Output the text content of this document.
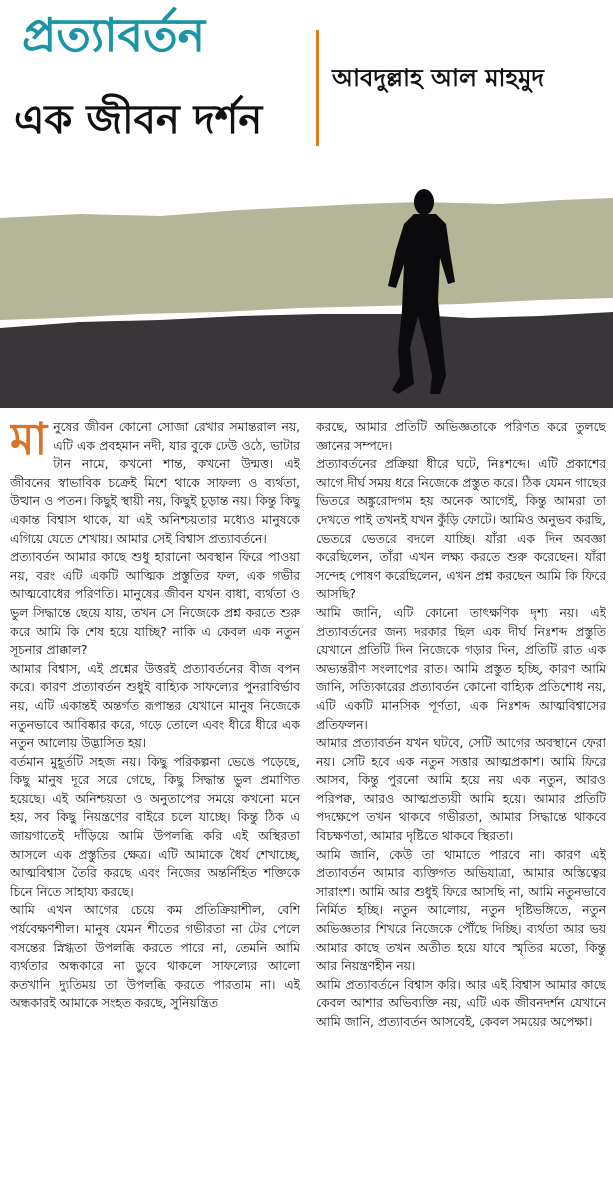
প্রত্যাবর্তন
এক জীবন দর্শন
আবদুল্লাহ আল মাহমুদ

মানুষের জীবন কোনো সোজা রেখার সমান্তরাল নয়, এটি এক প্রবহমান নদী, যার বুকে ঢেউ ওঠে, ভাটার টান নামে, কখনো শান্ত, কখনো উন্মত্ত। এই জীবনের স্বাভাবিক চক্রেই মিশে থাকে সাফল্য ও ব্যর্থতা, উত্থান ও পতন। কিছুই স্থায়ী নয়, কিছুই চূড়ান্ত নয়। কিন্তু কিছু একান্ত বিশ্বাস থাকে, যা এই অনিশ্চয়তার মধ্যেও মানুষকে এগিয়ে যেতে শেখায়। আমার সেই বিশ্বাস প্রত্যাবর্তনে।

প্রত্যাবর্তন আমার কাছে শুধু হারানো অবস্থান ফিরে পাওয়া নয়, বরং এটি একটি আত্মিক প্রস্তুতির ফল, এক গভীর আত্মবোধের পরিণতি। মানুষের জীবন যখন বাধা, ব্যর্থতা ও ভুল সিদ্ধান্তে ছেয়ে যায়, তখন সে নিজেকে প্রশ্ন করতে শুরু করে আমি কি শেষ হয়ে যাচ্ছি? নাকি এ কেবল এক নতুন সূচনার প্রাক্কাল?

আমার বিশ্বাস, এই প্রশ্নের উত্তরই প্রত্যাবর্তনের বীজ বপন করে। কারণ প্রত্যাবর্তন শুধুই বাহ্যিক সাফল্যের পুনরাবির্ভাব নয়, এটি একান্তই অন্তর্গত রূপান্তর যেখানে মানুষ নিজেকে নতুনভাবে আবিষ্কার করে, গড়ে তোলে এবং ধীরে ধীরে এক নতুন আলোয় উদ্ভাসিত হয়।

বর্তমান মুহূর্তটি সহজ নয়। কিছু পরিকল্পনা ভেঙে পড়েছে, কিছু মানুষ দূরে সরে গেছে, কিছু সিদ্ধান্ত ভুল প্রমাণিত হয়েছে। এই অনিশ্চয়তা ও অনুতাপের সময়ে কখনো মনে হয়, সব কিছু নিয়ন্ত্রণের বাইরে চলে যাচ্ছে। কিন্তু ঠিক এ জায়গাতেই দাঁড়িয়ে আমি উপলব্ধি করি এই অস্থিরতা আসলে এক প্রস্তুতির ক্ষেত্র। এটি আমাকে ধৈর্য শেখাচ্ছে, আত্মবিশ্বাস তৈরি করছে এবং নিজের অন্তর্নিহিত শক্তিকে চিনে নিতে সাহায্য করছে।

আমি এখন আগের চেয়ে কম প্রতিক্রিয়াশীল, বেশি পর্যবেক্ষণশীল। মানুষ যেমন শীতের গভীরতা না টের পেলে বসন্তের স্নিগ্ধতা উপলব্ধি করতে পারে না, তেমনি আমি ব্যর্থতার অন্ধকারে না ডুবে থাকলে সাফল্যের আলো কতখানি দ্যুতিময় তা উপলব্ধি করতে পারতাম না। এই অন্ধকারই আমাকে সংহত করছে, সুনিয়ন্ত্রিত

করছে, আমার প্রতিটি অভিজ্ঞতাকে পরিণত করে তুলছে জ্ঞানের সম্পদে।

প্রত্যাবর্তনের প্রক্রিয়া ধীরে ঘটে, নিঃশব্দে। এটি প্রকাশের আগে দীর্ঘ সময় ধরে নিজেকে প্রস্তুত করে। ঠিক যেমন গাছের ভিতরে অঙ্কুরোদগম হয় অনেক আগেই, কিন্তু আমরা তা দেখতে পাই তখনই যখন কুঁড়ি ফোটে। আমিও অনুভব করছি, ভেতরে ভেতরে বদলে যাচ্ছি। যাঁরা এক দিন অবজ্ঞা করেছিলেন, তাঁরা এখন লক্ষ্য করতে শুরু করেছেন। যাঁরা সন্দেহ পোষণ করেছিলেন, এখন প্রশ্ন করছেন আমি কি ফিরে আসছি?

আমি জানি, এটি কোনো তাৎক্ষণিক দৃশ্য নয়। এই প্রত্যাবর্তনের জন্য দরকার ছিল এক দীর্ঘ নিঃশব্দ প্রস্তুতি যেখানে প্রতিটি দিন নিজেকে গড়ার দিন, প্রতিটি রাত এক অভ্যন্তরীণ সংলাপের রাত। আমি প্রস্তুত হচ্ছি, কারণ আমি জানি, সত্যিকারের প্রত্যাবর্তন কোনো বাহ্যিক প্রতিশোধ নয়, এটি একটি মানসিক পূর্ণতা, এক নিঃশব্দ আত্মবিশ্বাসের প্রতিফলন।

আমার প্রত্যাবর্তন যখন ঘটবে, সেটি আগের অবস্থানে ফেরা নয়। সেটি হবে এক নতুন সত্তার আত্মপ্রকাশ। আমি ফিরে আসব, কিন্তু পুরনো আমি হয়ে নয় এক নতুন, আরও পরিপক্ব, আরও আত্মপ্রত্যয়ী আমি হয়ে। আমার প্রতিটি পদক্ষেপে তখন থাকবে গভীরতা, আমার সিদ্ধান্তে থাকবে বিচক্ষণতা, আমার দৃষ্টিতে থাকবে স্থিরতা।

আমি জানি, কেউ তা থামাতে পারবে না। কারণ এই প্রত্যাবর্তন আমার ব্যক্তিগত অভিযাত্রা, আমার অস্তিত্বের সারাংশ। আমি আর শুধুই ফিরে আসছি না, আমি নতুনভাবে নির্মিত হচ্ছি। নতুন আলোয়, নতুন দৃষ্টিভঙ্গিতে, নতুন অভিজ্ঞতার শিখরে নিজেকে পৌঁছে দিচ্ছি। ব্যর্থতা আর ভয় আমার কাছে তখন অতীত হয়ে যাবে স্মৃতির মতো, কিন্তু আর নিয়ন্ত্রণহীন নয়।

আমি প্রত্যাবর্তনে বিশ্বাস করি। আর এই বিশ্বাস আমার কাছে কেবল আশার অভিব্যক্তি নয়, এটি এক জীবনদর্শন যেখানে আমি জানি, প্রত্যাবর্তন আসবেই, কেবল সময়ের অপেক্ষা।
